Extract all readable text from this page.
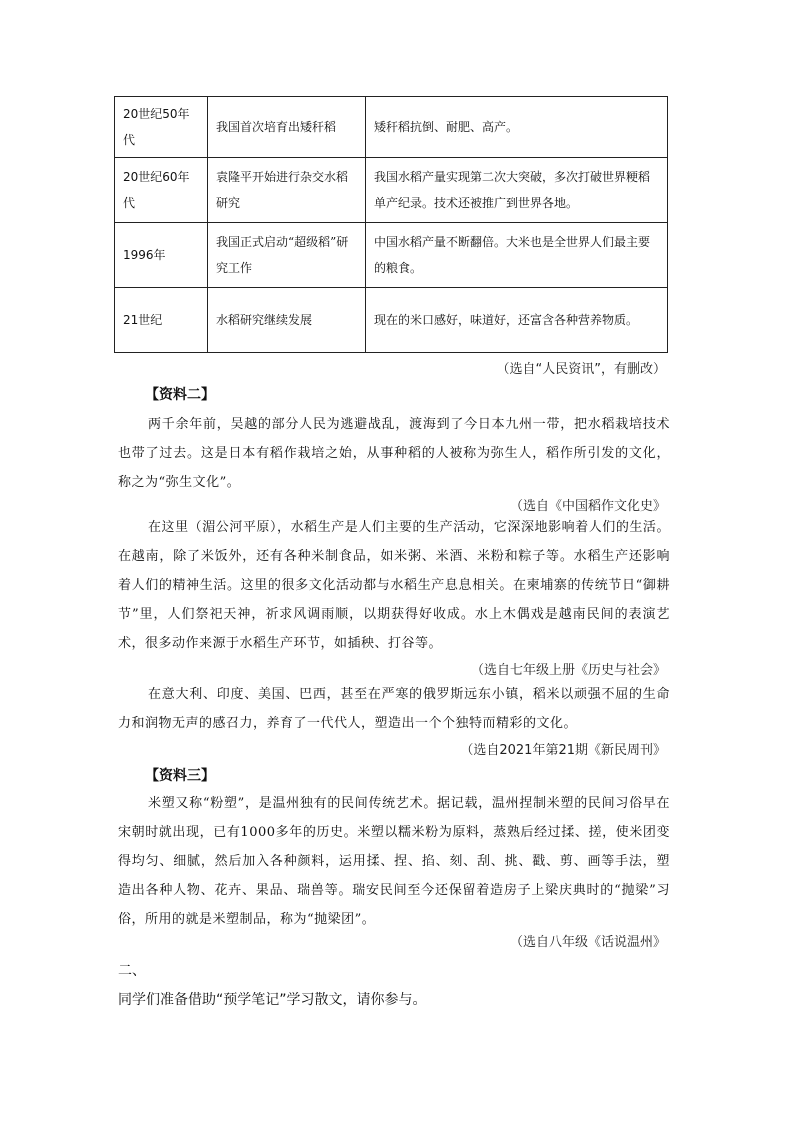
20世纪50年代	我国首次培育出矮秆稻	矮秆稻抗倒、耐肥、高产。
20世纪60年代	袁隆平开始进行杂交水稻研究	我国水稻产量实现第二次大突破，多次打破世界粳稻单产纪录。技术还被推广到世界各地。
1996年	我国正式启动“超级稻”研究工作	中国水稻产量不断翻倍。大米也是全世界人们最主要的粮食。
21世纪	水稻研究继续发展	现在的米口感好，味道好，还富含各种营养物质。
（选自“人民资讯”，有删改）
【资料二】
两千余年前，吴越的部分人民为逃避战乱，渡海到了今日本九州一带，把水稻栽培技术也带了过去。这是日本有稻作栽培之始，从事种稻的人被称为弥生人，稻作所引发的文化，称之为“弥生文化”。
（选自《中国稻作文化史》
在这里（湄公河平原），水稻生产是人们主要的生产活动，它深深地影响着人们的生活。在越南，除了米饭外，还有各种米制食品，如米粥、米酒、米粉和粽子等。水稻生产还影响着人们的精神生活。这里的很多文化活动都与水稻生产息息相关。在柬埔寨的传统节日“御耕节”里，人们祭祀天神，祈求风调雨顺，以期获得好收成。水上木偶戏是越南民间的表演艺术，很多动作来源于水稻生产环节，如插秧、打谷等。
（选自七年级上册《历史与社会》
在意大利、印度、美国、巴西，甚至在严寒的俄罗斯远东小镇，稻米以顽强不屈的生命力和润物无声的感召力，养育了一代代人，塑造出一个个独特而精彩的文化。
（选自2021年第21期《新民周刊》
【资料三】
米塑又称“粉塑”，是温州独有的民间传统艺术。据记载，温州捏制米塑的民间习俗早在宋朝时就出现，已有1000多年的历史。米塑以糯米粉为原料，蒸熟后经过揉、搓，使米团变得均匀、细腻，然后加入各种颜料，运用揉、捏、掐、刻、刮、挑、戳、剪、画等手法，塑造出各种人物、花卉、果品、瑞兽等。瑞安民间至今还保留着造房子上梁庆典时的“抛梁”习俗，所用的就是米塑制品，称为“抛梁团”。
（选自八年级《话说温州》
二、
同学们准备借助“预学笔记”学习散文，请你参与。
